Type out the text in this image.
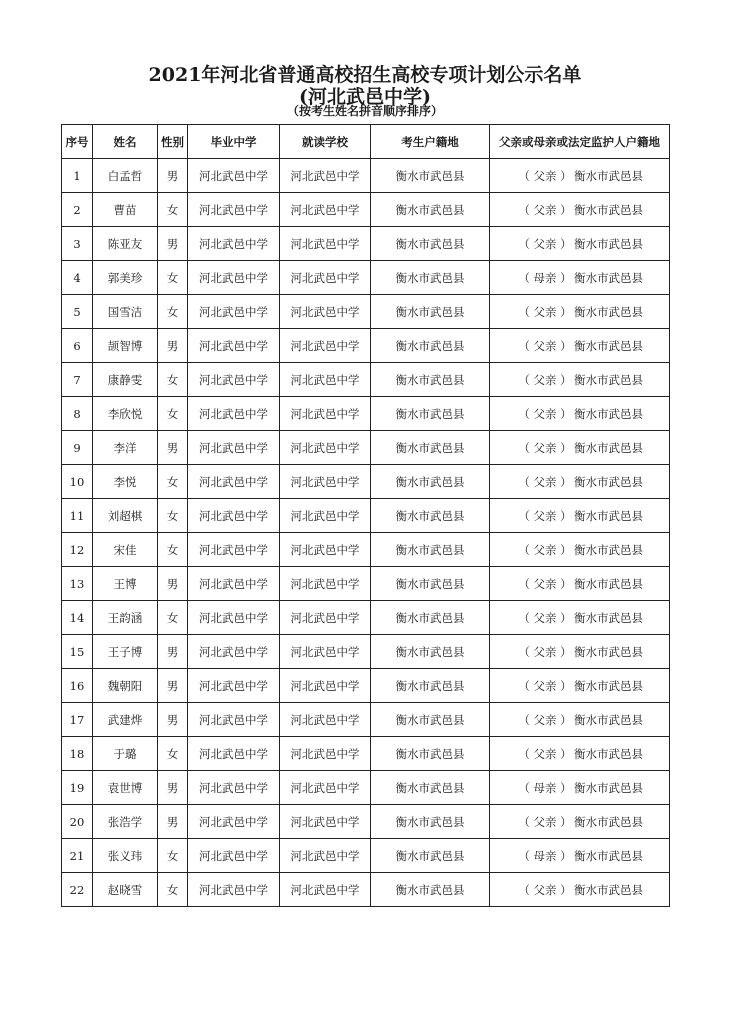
2021年河北省普通高校招生高校专项计划公示名单
(河北武邑中学)
（按考生姓名拼音顺序排序）
序号	姓名	性别	毕业中学	就读学校	考生户籍地	父亲或母亲或法定监护人户籍地
1	白孟哲	男	河北武邑中学	河北武邑中学	衡水市武邑县	（ 父亲 ） 衡水市武邑县
2	曹苗	女	河北武邑中学	河北武邑中学	衡水市武邑县	（ 父亲 ） 衡水市武邑县
3	陈亚友	男	河北武邑中学	河北武邑中学	衡水市武邑县	（ 父亲 ） 衡水市武邑县
4	郭美珍	女	河北武邑中学	河北武邑中学	衡水市武邑县	（ 母亲 ） 衡水市武邑县
5	国雪洁	女	河北武邑中学	河北武邑中学	衡水市武邑县	（ 父亲 ） 衡水市武邑县
6	颉智博	男	河北武邑中学	河北武邑中学	衡水市武邑县	（ 父亲 ） 衡水市武邑县
7	康静雯	女	河北武邑中学	河北武邑中学	衡水市武邑县	（ 父亲 ） 衡水市武邑县
8	李欣悦	女	河北武邑中学	河北武邑中学	衡水市武邑县	（ 父亲 ） 衡水市武邑县
9	李洋	男	河北武邑中学	河北武邑中学	衡水市武邑县	（ 父亲 ） 衡水市武邑县
10	李悦	女	河北武邑中学	河北武邑中学	衡水市武邑县	（ 父亲 ） 衡水市武邑县
11	刘超棋	女	河北武邑中学	河北武邑中学	衡水市武邑县	（ 父亲 ） 衡水市武邑县
12	宋佳	女	河北武邑中学	河北武邑中学	衡水市武邑县	（ 父亲 ） 衡水市武邑县
13	王博	男	河北武邑中学	河北武邑中学	衡水市武邑县	（ 父亲 ） 衡水市武邑县
14	王韵涵	女	河北武邑中学	河北武邑中学	衡水市武邑县	（ 父亲 ） 衡水市武邑县
15	王子博	男	河北武邑中学	河北武邑中学	衡水市武邑县	（ 父亲 ） 衡水市武邑县
16	魏朝阳	男	河北武邑中学	河北武邑中学	衡水市武邑县	（ 父亲 ） 衡水市武邑县
17	武建烨	男	河北武邑中学	河北武邑中学	衡水市武邑县	（ 父亲 ） 衡水市武邑县
18	于璐	女	河北武邑中学	河北武邑中学	衡水市武邑县	（ 父亲 ） 衡水市武邑县
19	袁世博	男	河北武邑中学	河北武邑中学	衡水市武邑县	（ 母亲 ） 衡水市武邑县
20	张浩学	男	河北武邑中学	河北武邑中学	衡水市武邑县	（ 父亲 ） 衡水市武邑县
21	张义玮	女	河北武邑中学	河北武邑中学	衡水市武邑县	（ 母亲 ） 衡水市武邑县
22	赵晓雪	女	河北武邑中学	河北武邑中学	衡水市武邑县	（ 父亲 ） 衡水市武邑县
